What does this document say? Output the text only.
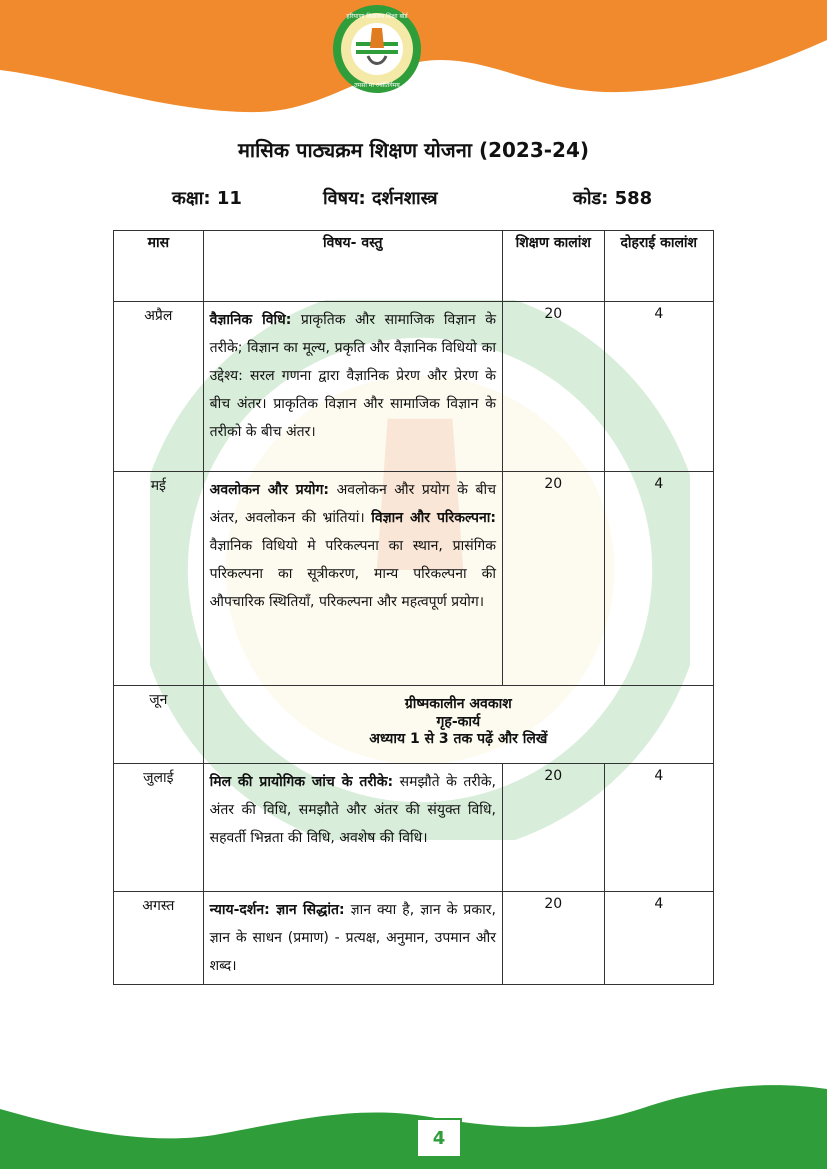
हरियाणा विद्यालय शिक्षा बोर्ड
तमसो मा ज्योतिर्गमय
मासिक पाठ्यक्रम शिक्षण योजना (2023-24)
कक्षा: 11	विषय: दर्शनशास्त्र	कोड: 588
मास	विषय- वस्तु	शिक्षण कालांश	दोहराई कालांश
अप्रैल	वैज्ञानिक विधि: प्राकृतिक और सामाजिक विज्ञान के तरीके; विज्ञान का मूल्य, प्रकृति और वैज्ञानिक विधियो का उद्देश्य: सरल गणना द्वारा वैज्ञानिक प्रेरण और प्रेरण के बीच अंतर। प्राकृतिक विज्ञान और सामाजिक विज्ञान के तरीको के बीच अंतर।	20	4
मई	अवलोकन और प्रयोग: अवलोकन और प्रयोग के बीच अंतर, अवलोकन की भ्रांतियां। विज्ञान और परिकल्पना: वैज्ञानिक विधियो मे परिकल्पना का स्थान, प्रासंगिक परिकल्पना का सूत्रीकरण, मान्य परिकल्पना की औपचारिक स्थितियाँ, परिकल्पना और महत्वपूर्ण प्रयोग।	20	4
जून	ग्रीष्मकालीन अवकाश
गृह-कार्य
अध्याय 1 से 3 तक पढ़ें और लिखें		

जुलाई	मिल की प्रायोगिक जांच के तरीके: समझौते के तरीके, अंतर की विधि, समझौते और अंतर की संयुक्त विधि, सहवर्ती भिन्नता की विधि, अवशेष की विधि।	20	4
अगस्त	न्याय-दर्शन: ज्ञान सिद्धांत: ज्ञान क्या है, ज्ञान के प्रकार, ज्ञान के साधन (प्रमाण) - प्रत्यक्ष, अनुमान, उपमान और शब्द।	20	4
4
